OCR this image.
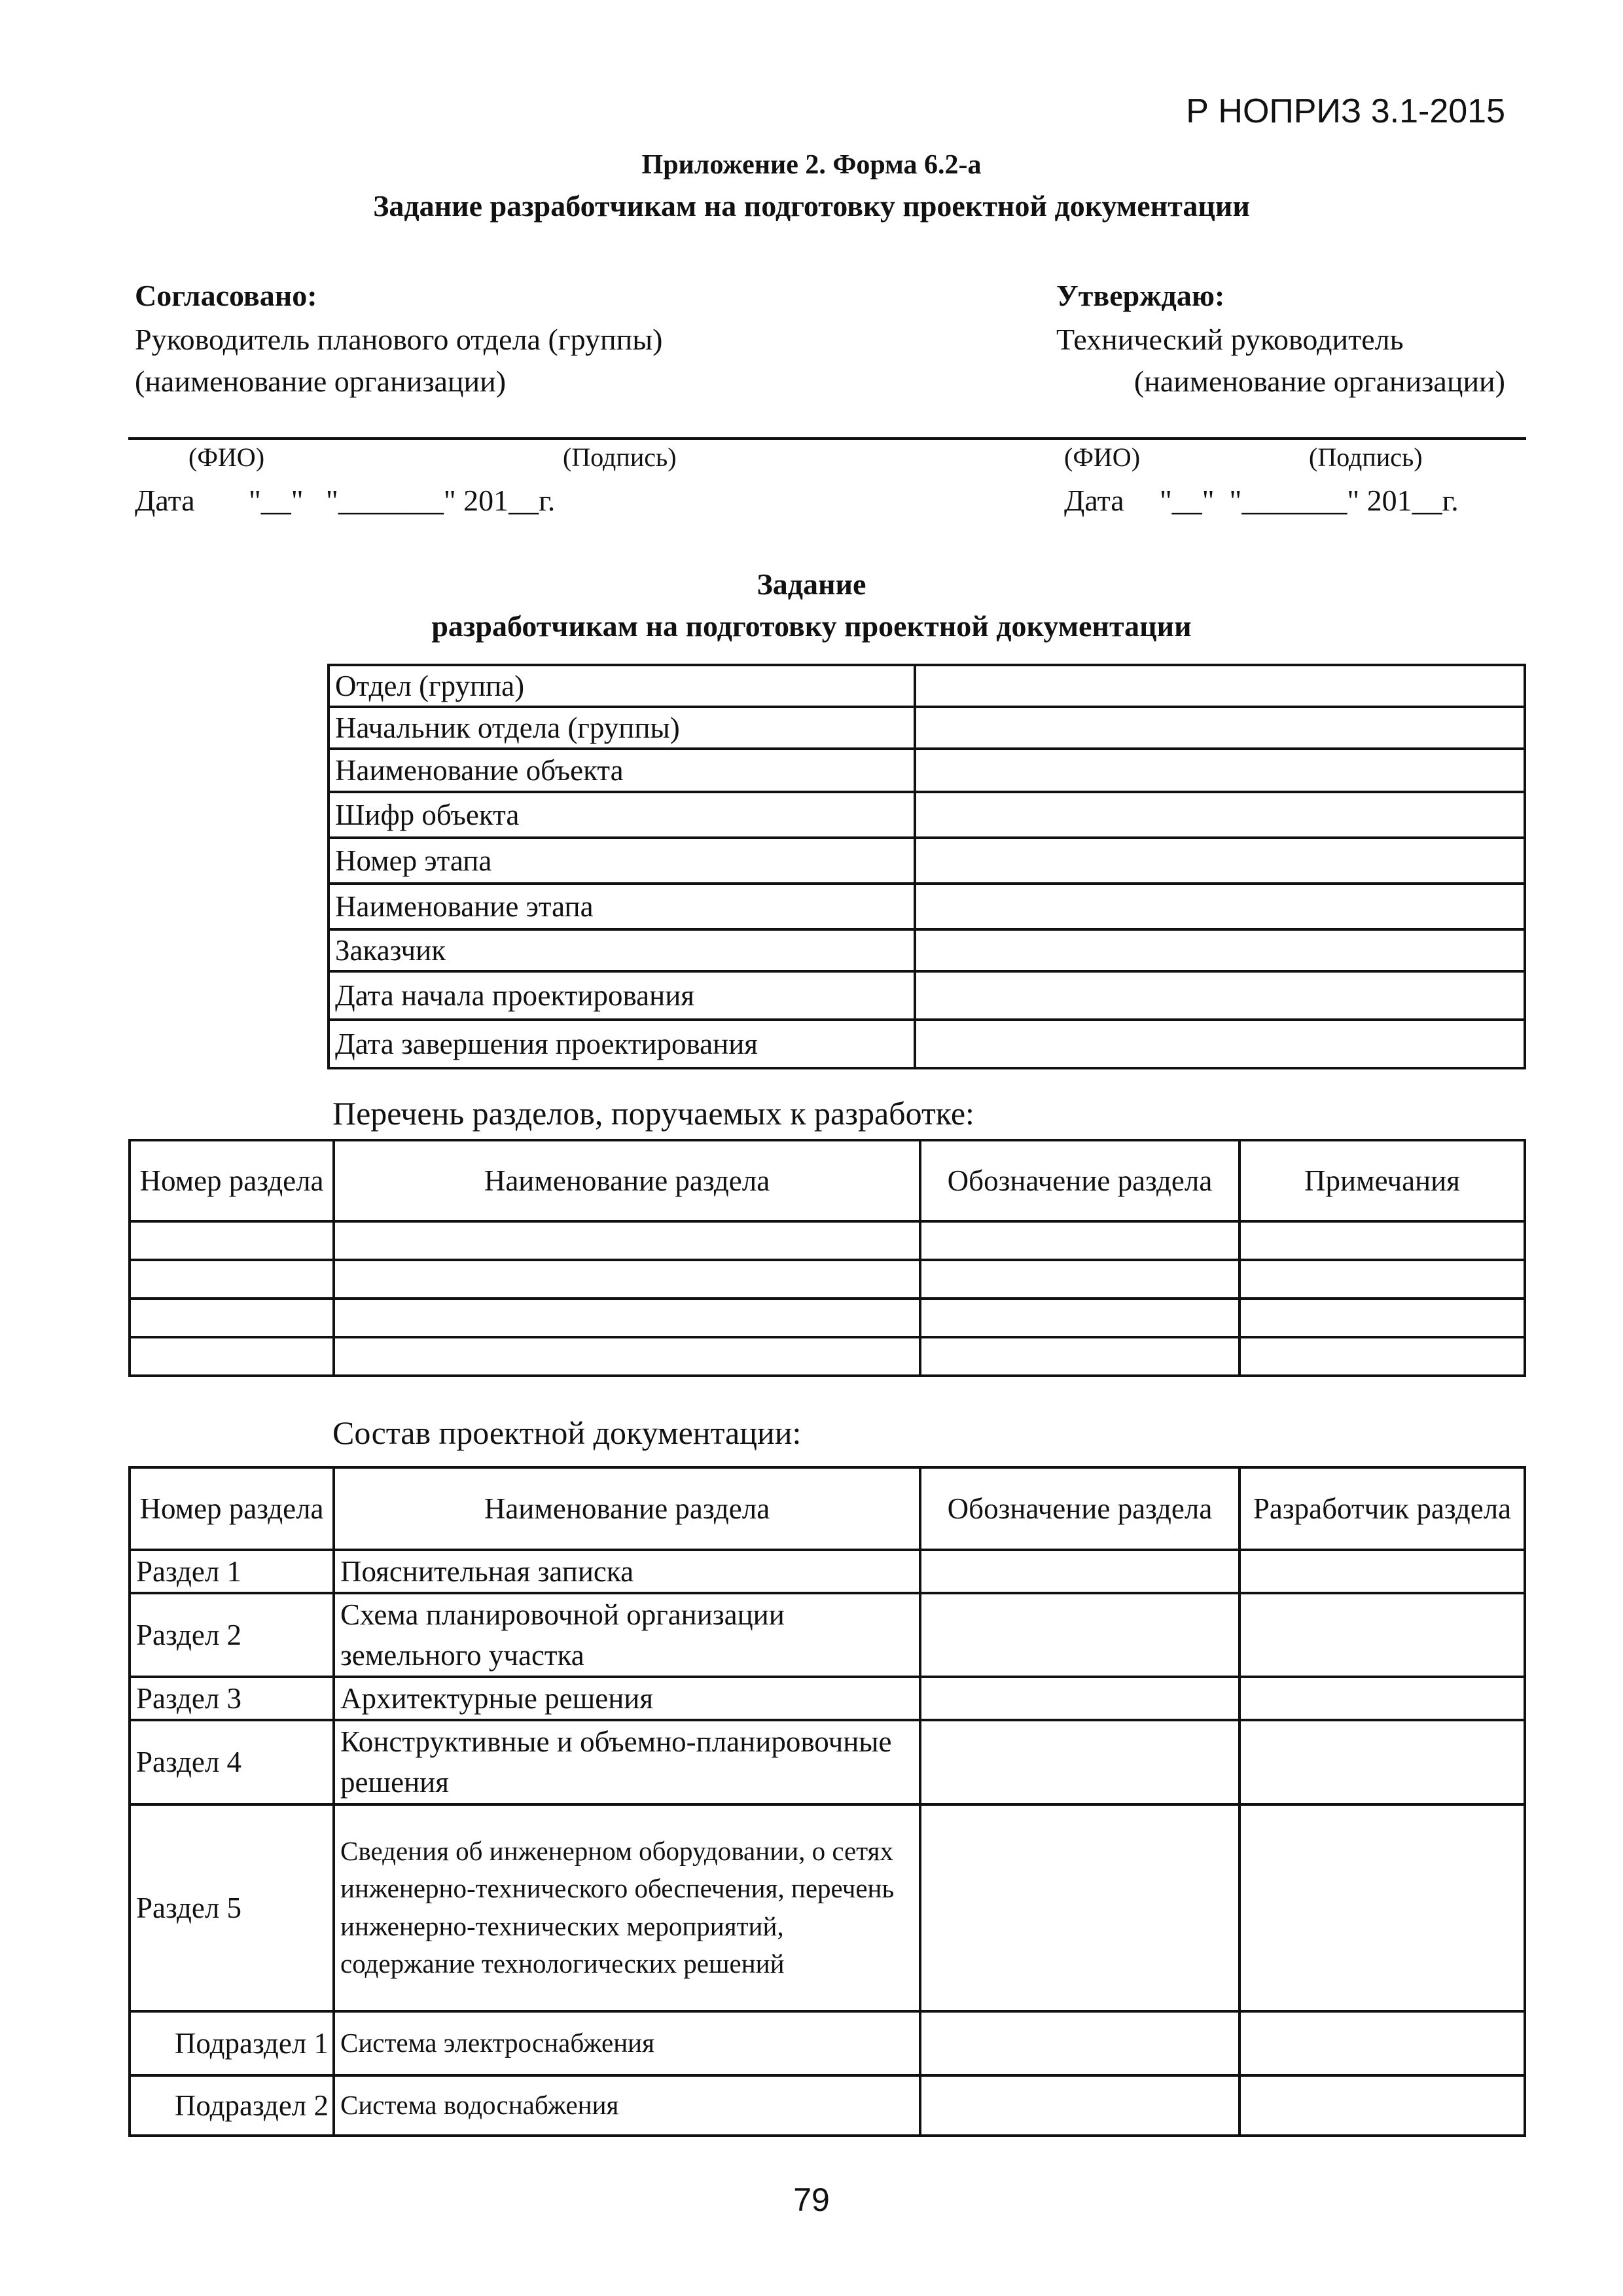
Р НОПРИЗ 3.1-2015
Приложение 2. Форма 6.2-а
Задание разработчикам на подготовку проектной документации
Согласовано:
Руководитель планового отдела (группы)
(наименование организации)
Утверждаю:
Технический руководитель
(наименование организации)
(ФИО)	(Подпись)	(ФИО)	(Подпись)
Дата "__"   "_______" 201__г.	Дата "__"  "_______" 201__г.
Задание
разработчикам на подготовку проектной документации
Отдел (группа)	
Начальник отдела (группы)	
Наименование объекта	
Шифр объекта	
Номер этапа	
Наименование этапа	
Заказчик	
Дата начала проектирования	
Дата завершения проектирования	
Перечень разделов, поручаемых к разработке:
Номер раздела	Наименование раздела	Обозначение раздела	Примечания

Состав проектной документации:
Номер раздела	Наименование раздела	Обозначение раздела	Разработчик раздела
Раздел 1	Пояснительная записка		
Раздел 2	Схема планировочной организации земельного участка		
Раздел 3	Архитектурные решения		
Раздел 4	Конструктивные и объемно-планировочные решения		
Раздел 5	Сведения об инженерном оборудовании, о сетях инженерно-технического обеспечения, перечень инженерно-технических мероприятий, содержание технологических решений		
Подраздел 1	Система электроснабжения		
Подраздел 2	Система водоснабжения		
79
